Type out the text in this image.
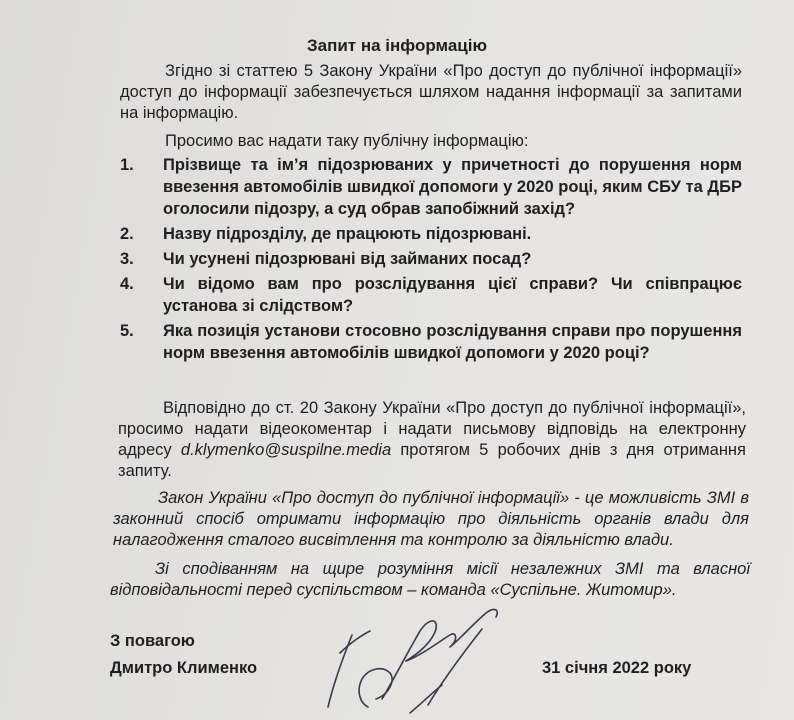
Запит на інформацію

Згідно зі статтею 5 Закону України «Про доступ до публічної інформації» доступ до інформації забезпечується шляхом надання інформації за запитами на інформацію.

Просимо вас надати таку публічну інформацію:

1. Прізвище та ім’я підозрюваних у причетності до порушення норм ввезення автомобілів швидкої допомоги у 2020 році, яким СБУ та ДБР оголосили підозру, а суд обрав запобіжний захід?
2. Назву підрозділу, де працюють підозрювані.
3. Чи усунені підозрювані від займаних посад?
4. Чи відомо вам про розслідування цієї справи? Чи співпрацює установа зі слідством?
5. Яка позиція установи стосовно розслідування справи про порушення норм ввезення автомобілів швидкої допомоги у 2020 році?

Відповідно до ст. 20 Закону України «Про доступ до публічної інформації», просимо надати відеокоментар і надати письмову відповідь на електронну адресу d.klymenko@suspilne.media протягом 5 робочих днів з дня отримання запиту.

Закон України «Про доступ до публічної інформації» - це можливість ЗМІ в законний спосіб отримати інформацію про діяльність органів влади для налагодження сталого висвітлення та контролю за діяльністю влади.

Зі сподіванням на щире розуміння місії незалежних ЗМІ та власної відповідальності перед суспільством – команда «Суспільне. Житомир».

З повагою

Дмитро Клименко	31 січня 2022 року
